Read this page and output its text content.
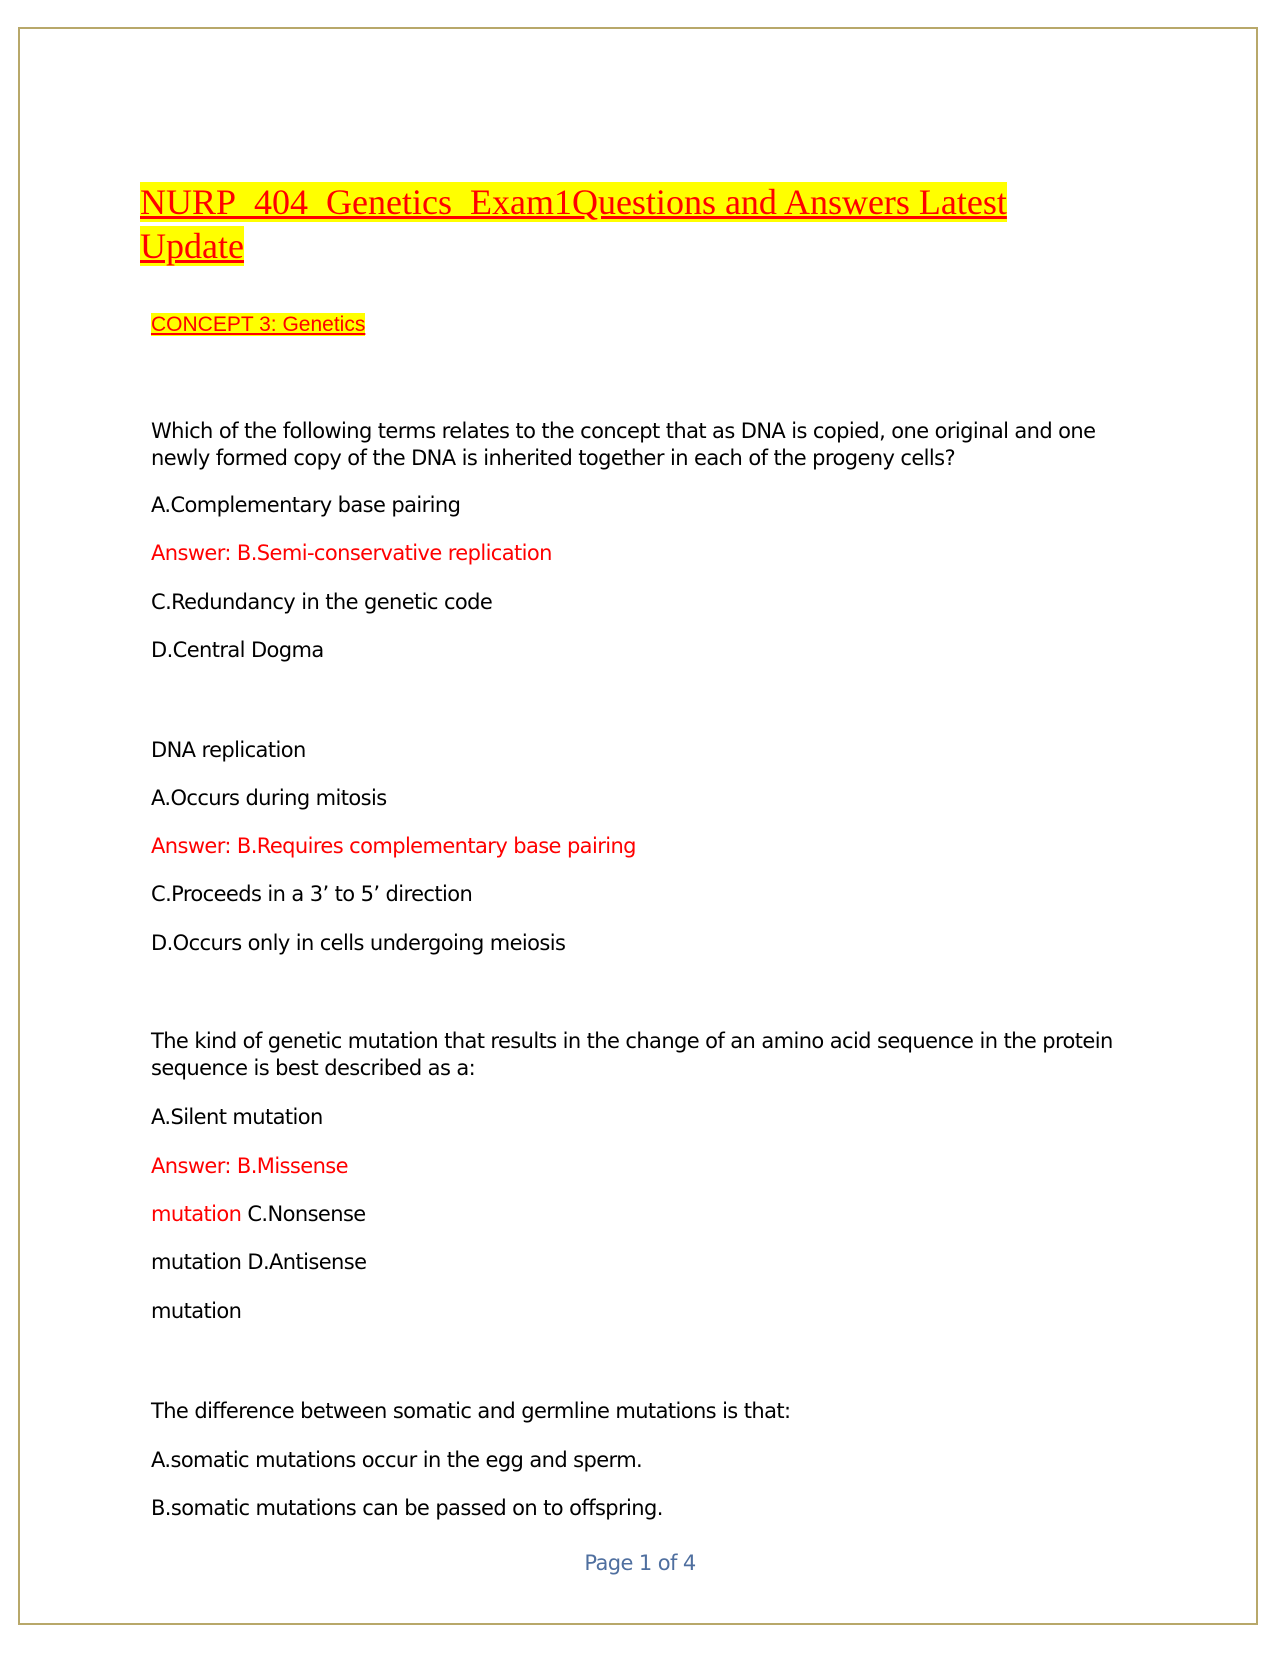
NURP_404_Genetics_Exam1Questions and Answers Latest Update
CONCEPT 3: Genetics
Which of the following terms relates to the concept that as DNA is copied, one original and one newly formed copy of the DNA is inherited together in each of the progeny cells?
A.Complementary base pairing
Answer: B.Semi-conservative replication
C.Redundancy in the genetic code
D.Central Dogma
DNA replication
A.Occurs during mitosis
Answer: B.Requires complementary base pairing
C.Proceeds in a 3’ to 5’ direction
D.Occurs only in cells undergoing meiosis
The kind of genetic mutation that results in the change of an amino acid sequence in the protein sequence is best described as a:
A.Silent mutation
Answer: B.Missense
mutation C.Nonsense
mutation D.Antisense
mutation
The difference between somatic and germline mutations is that:
A.somatic mutations occur in the egg and sperm.
B.somatic mutations can be passed on to offspring.
Page 1 of 4
